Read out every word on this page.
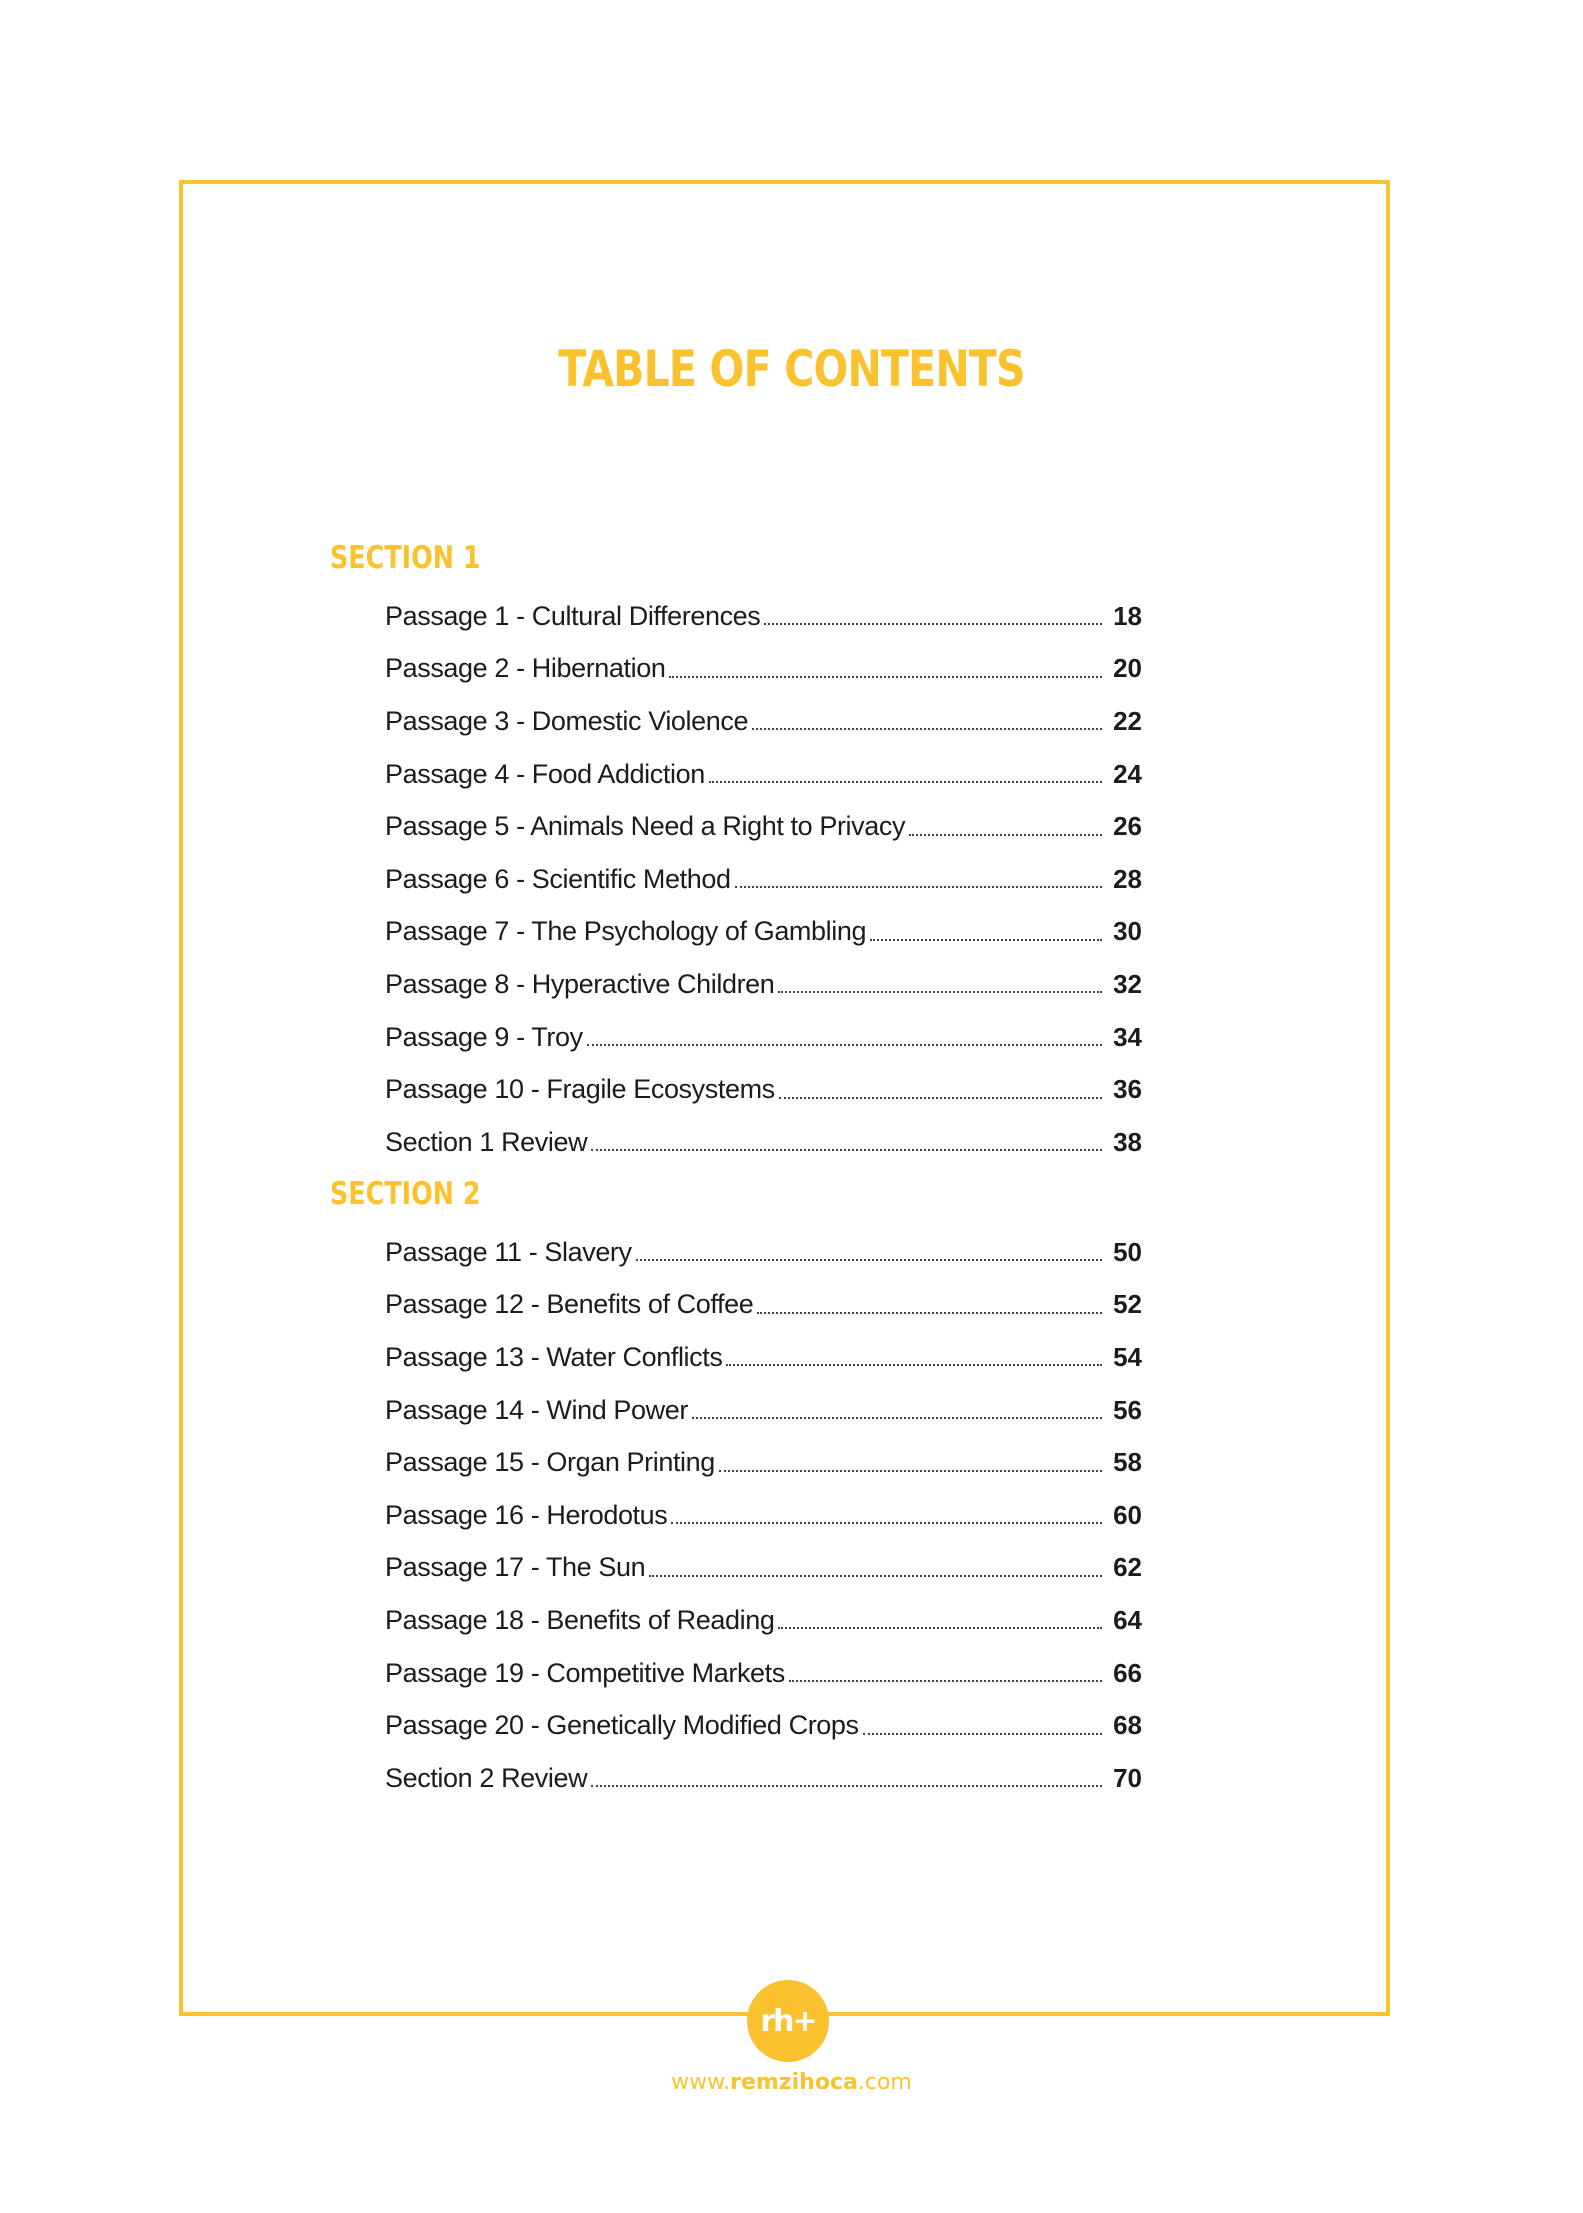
TABLE OF CONTENTS
SECTION 1
Passage 1 - Cultural Differences	18
Passage 2 - Hibernation	20
Passage 3 - Domestic Violence	22
Passage 4 - Food Addiction	24
Passage 5 - Animals Need a Right to Privacy	26
Passage 6 - Scientific Method	28
Passage 7 - The Psychology of Gambling	30
Passage 8 - Hyperactive Children	32
Passage 9 - Troy	34
Passage 10 - Fragile Ecosystems	36
Section 1 Review	38
SECTION 2
Passage 11 - Slavery	50
Passage 12 - Benefits of Coffee	52
Passage 13 - Water Conflicts	54
Passage 14 - Wind Power	56
Passage 15 - Organ Printing	58
Passage 16 - Herodotus	60
Passage 17 - The Sun	62
Passage 18 - Benefits of Reading	64
Passage 19 - Competitive Markets	66
Passage 20 - Genetically Modified Crops	68
Section 2 Review	70
rh+
www.remzihoca.com
